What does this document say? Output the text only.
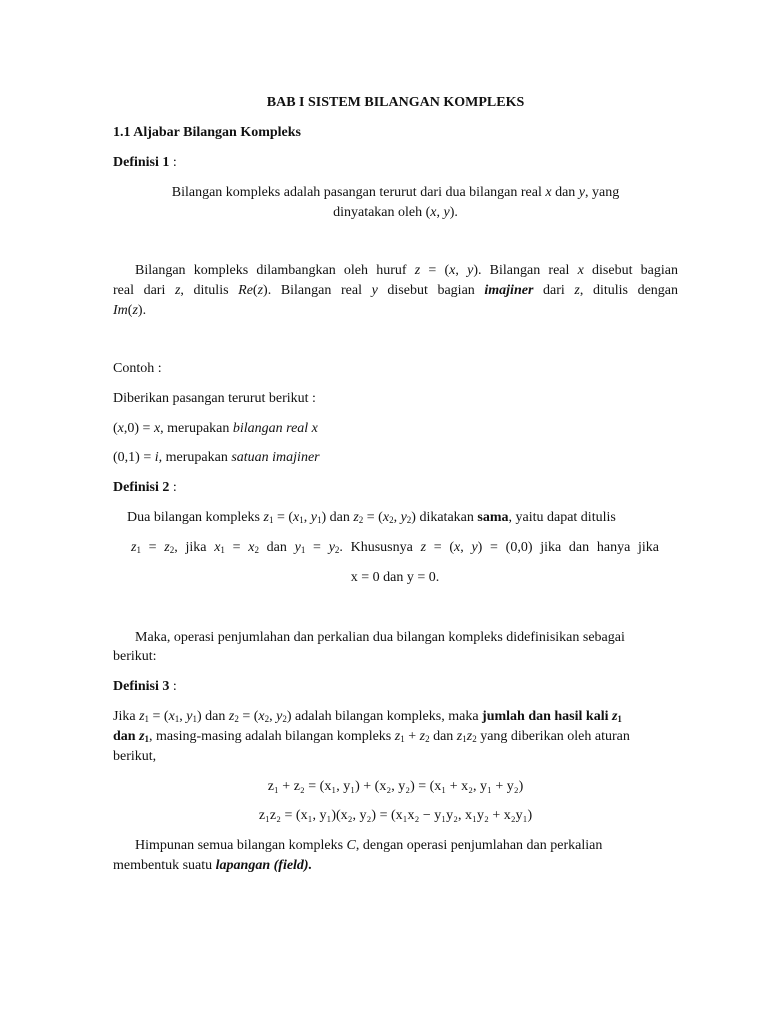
BAB I SISTEM BILANGAN KOMPLEKS
1.1 Aljabar Bilangan Kompleks
Definisi 1 :
Bilangan kompleks adalah pasangan terurut dari dua bilangan real x dan y, yang
dinyatakan oleh (x, y).
Bilangan kompleks dilambangkan oleh huruf z = (x, y). Bilangan real x disebut bagian
real dari z, ditulis Re(z). Bilangan real y disebut bagian imajiner dari z, ditulis dengan
Im(z).
Contoh :
Diberikan pasangan terurut berikut :
(x,0) = x, merupakan bilangan real x
(0,1) = i, merupakan satuan imajiner
Definisi 2 :
Dua bilangan kompleks $z_1 = (x_1$, $y_1$) dan $z_2 = (x_2$, $y_2$) dikatakan sama, yaitu dapat ditulis
$z_1 = z_2$, jika $x_1 = x_2$ dan $y_1 = y_2$. Khususnya z = (x, y) = (0,0) jika dan hanya jika
x = 0 dan y = 0.
Maka, operasi penjumlahan dan perkalian dua bilangan kompleks didefinisikan sebagai
berikut:
Definisi 3 :
Jika $z_1 = (x_1$, $y_1$) dan $z_2 = (x_2$, $y_2$) adalah bilangan kompleks, maka jumlah dan hasil kali $z_1$
dan $z_1$, masing-masing adalah bilangan kompleks $z_1 + z_2$ dan $z_1z_2$ yang diberikan oleh aturan
berikut,
z₁ + z₂ = (x₁, y₁) + (x₂, y₂) = (x₁ + x₂, y₁ + y₂)
z₁z₂ = (x₁, y₁)(x₂, y₂) = (x₁x₂ − y₁y₂, x₁y₂ + x₂y₁)
Himpunan semua bilangan kompleks C, dengan operasi penjumlahan dan perkalian
membentuk suatu lapangan (field).
